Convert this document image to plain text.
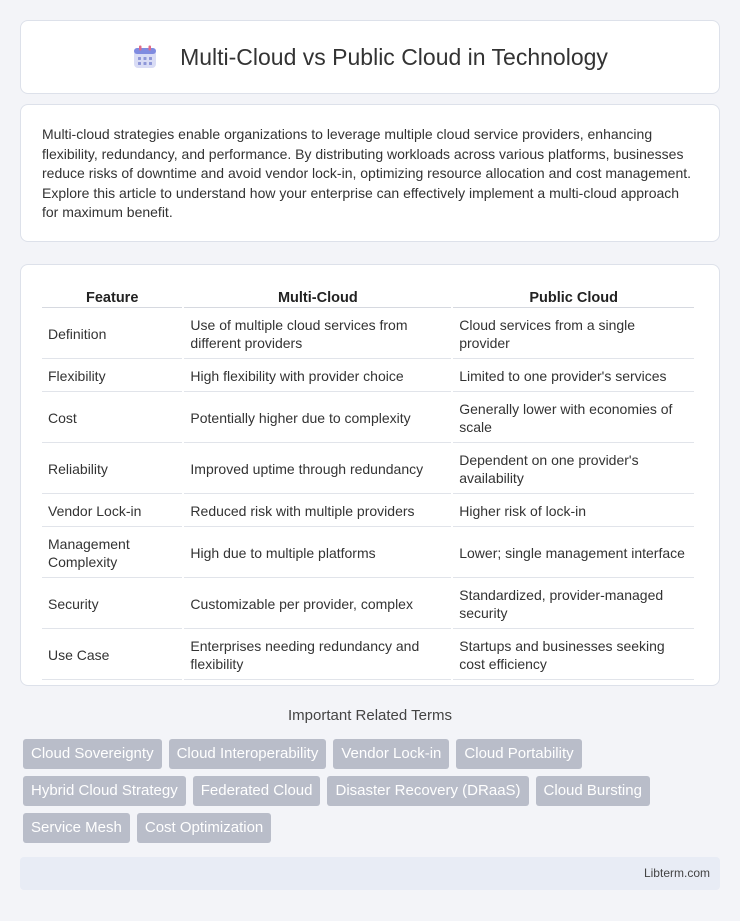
Multi-Cloud vs Public Cloud in Technology

Multi-cloud strategies enable organizations to leverage multiple cloud service providers, enhancing flexibility, redundancy, and performance. By distributing workloads across various platforms, businesses reduce risks of downtime and avoid vendor lock-in, optimizing resource allocation and cost management. Explore this article to understand how your enterprise can effectively implement a multi-cloud approach for maximum benefit.

Feature	Multi-Cloud	Public Cloud
Definition	Use of multiple cloud services from different providers	Cloud services from a single provider
Flexibility	High flexibility with provider choice	Limited to one provider's services
Cost	Potentially higher due to complexity	Generally lower with economies of scale
Reliability	Improved uptime through redundancy	Dependent on one provider's availability
Vendor Lock-in	Reduced risk with multiple providers	Higher risk of lock-in
Management Complexity	High due to multiple platforms	Lower; single management interface
Security	Customizable per provider, complex	Standardized, provider-managed security
Use Case	Enterprises needing redundancy and flexibility	Startups and businesses seeking cost efficiency
Important Related Terms
Cloud Sovereignty	Cloud Interoperability	Vendor Lock-in	Cloud Portability
Hybrid Cloud Strategy	Federated Cloud	Disaster Recovery (DRaaS)	Cloud Bursting
Service Mesh	Cost Optimization
Libterm.com
